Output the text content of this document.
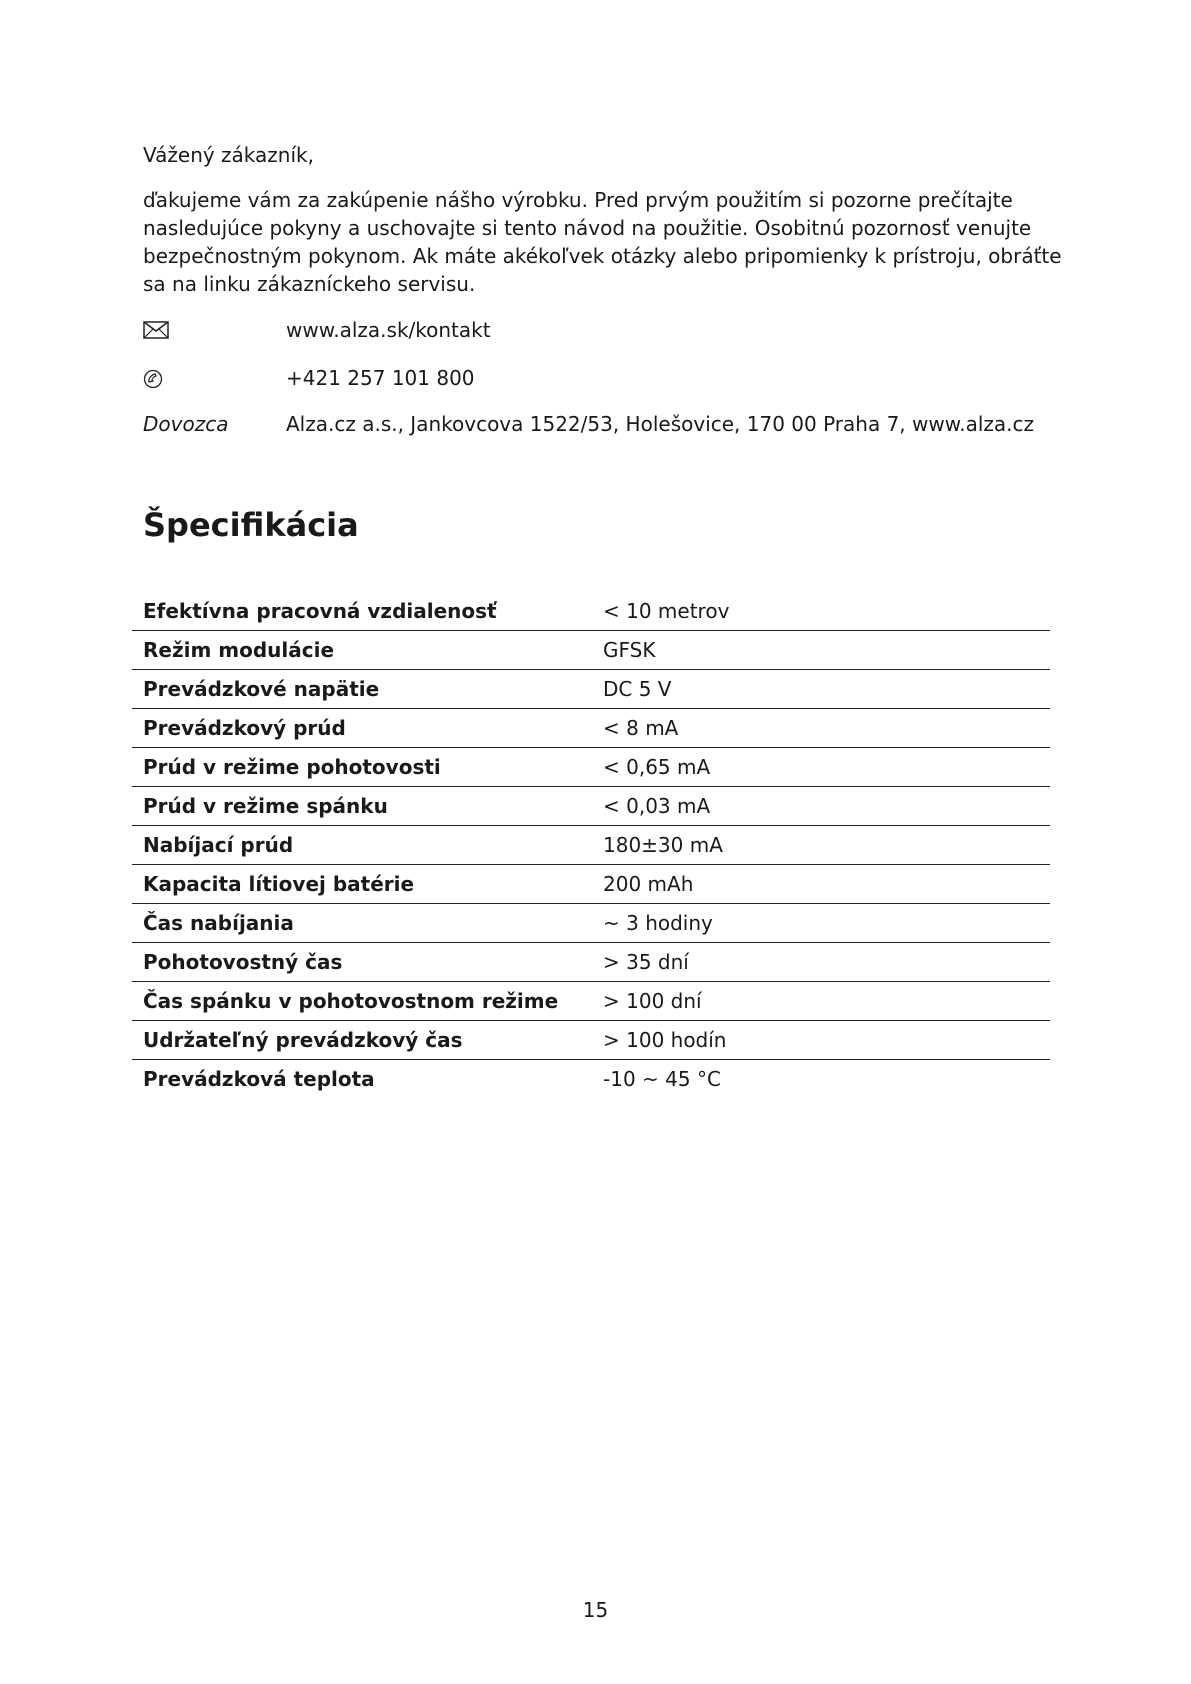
Vážený zákazník,

ďakujeme vám za zakúpenie nášho výrobku. Pred prvým použitím si pozorne prečítajte nasledujúce pokyny a uschovajte si tento návod na použitie. Osobitnú pozornosť venujte bezpečnostným pokynom. Ak máte akékoľvek otázky alebo pripomienky k prístroju, obráťte sa na linku zákazníckeho servisu.

www.alza.sk/kontakt
+421 257 101 800
Dovozca	Alza.cz a.s., Jankovcova 1522/53, Holešovice, 170 00 Praha 7, www.alza.cz
Špecifikácia
Efektívna pracovná vzdialenosť	< 10 metrov
Režim modulácie	GFSK
Prevádzkové napätie	DC 5 V
Prevádzkový prúd	< 8 mA
Prúd v režime pohotovosti	< 0,65 mA
Prúd v režime spánku	< 0,03 mA
Nabíjací prúd	180±30 mA
Kapacita lítiovej batérie	200 mAh
Čas nabíjania	~ 3 hodiny
Pohotovostný čas	> 35 dní
Čas spánku v pohotovostnom režime	> 100 dní
Udržateľný prevádzkový čas	> 100 hodín
Prevádzková teplota	-10 ~ 45 °C
15
